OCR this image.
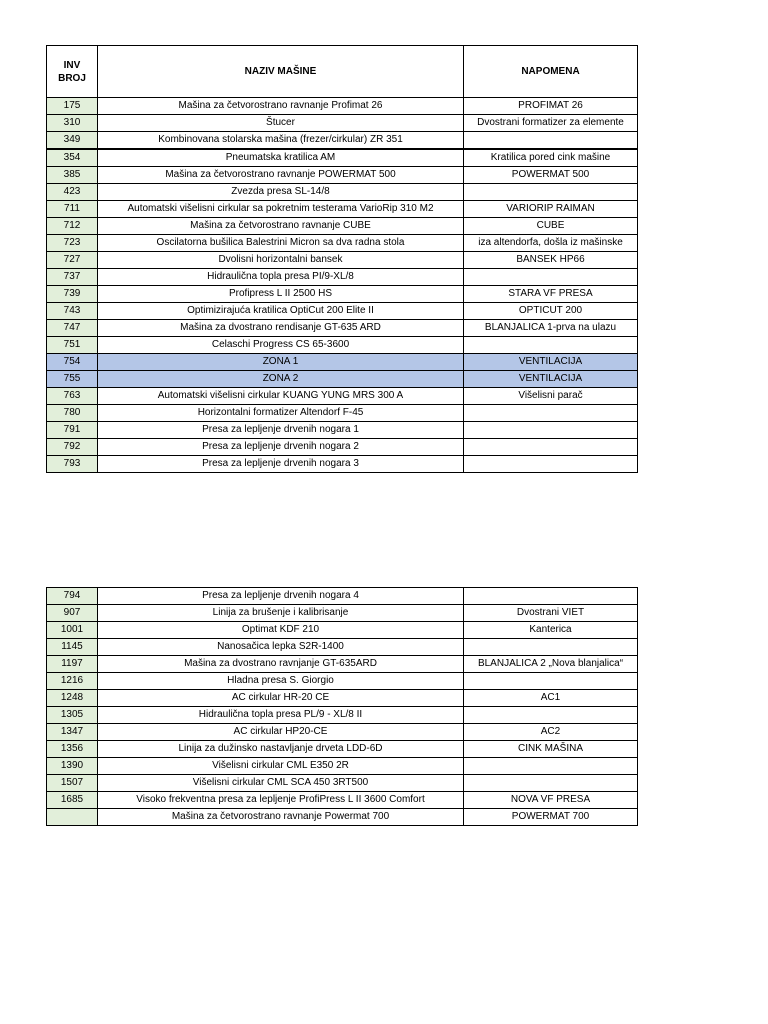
INV
BROJ	NAZIV MAŠINE	NAPOMENA
175	Mašina za četvorostrano ravnanje Profimat 26	PROFIMAT 26
310	Štucer	Dvostrani formatizer za elemente
349	Kombinovana stolarska mašina (frezer/cirkular) ZR 351	

354	Pneumatska kratilica AM	Kratilica pored cink mašine
385	Mašina za četvorostrano ravnanje POWERMAT 500	POWERMAT 500
423	Zvezda presa SL-14/8	
711	Automatski višelisni cirkular sa pokretnim testerama VarioRip 310 M2	VARIORIP RAIMAN
712	Mašina za četvorostrano ravnanje CUBE	CUBE
723	Oscilatorna bušilica Balestrini Micron sa dva radna stola	iza altendorfa, došla iz mašinske
727	Dvolisni horizontalni bansek	BANSEK HP66
737	Hidraulična topla presa PI/9-XL/8	
739	Profipress L II 2500 HS	STARA VF PRESA
743	Optimizirajuća kratilica OptiCut 200 Elite II	OPTICUT 200
747	Mašina za dvostrano rendisanje GT-635 ARD	BLANJALICA 1-prva na ulazu
751	Celaschi Progress CS 65-3600	
754	ZONA 1	VENTILACIJA
755	ZONA 2	VENTILACIJA
763	Automatski višelisni cirkular KUANG YUNG MRS 300 A	Višelisni parač
780	Horizontalni formatizer Altendorf F-45	
791	Presa za lepljenje drvenih nogara 1	
792	Presa za lepljenje drvenih nogara 2	
793	Presa za lepljenje drvenih nogara 3	
794	Presa za lepljenje drvenih nogara 4	
907	Linija za brušenje i kalibrisanje	Dvostrani VIET
1001	Optimat KDF 210	Kanterica
1145	Nanosačica lepka S2R-1400	
1197	Mašina za dvostrano ravnjanje GT-635ARD	BLANJALICA 2 „Nova blanjalica“
1216	Hladna presa S. Giorgio	
1248	AC cirkular HR-20 CE	AC1
1305	Hidraulična topla presa PL/9 - XL/8 II	
1347	AC cirkular HP20-CE	AC2
1356	Linija za dužinsko nastavljanje drveta LDD-6D	CINK MAŠINA
1390	Višelisni cirkular CML E350 2R	
1507	Višelisni cirkular CML SCA 450 3RT500	
1685	Visoko frekventna presa za lepljenje ProfiPress L II 3600 Comfort	NOVA VF PRESA
	Mašina za četvorostrano ravnanje Powermat 700	POWERMAT 700
